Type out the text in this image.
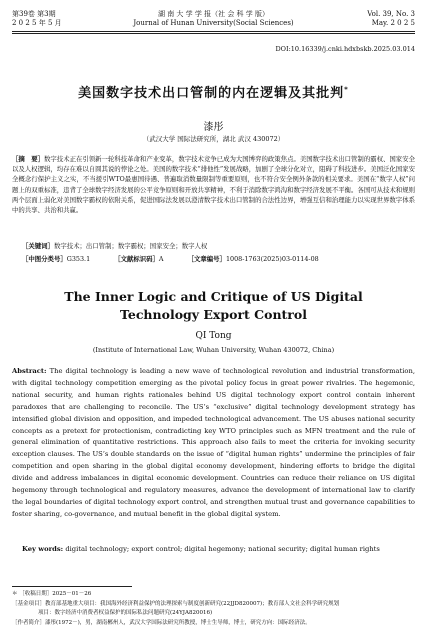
第39卷 第3期
2 0 2 5 年 5 月
湖 南 大 学 学 报（社 会 科 学 版）
Journal of Hunan University(Social Sciences)
Vol. 39, No. 3
May. 2 0 2 5
DOI:10.16339/j.cnki.hdxbskb.2025.03.014
美国数字技术出口管制的内在逻辑及其批判*
漆彤
（武汉大学 国际法研究所，湖北 武汉 430072）
［摘　要］数字技术正在引领新一轮科技革命和产业变革，数字技术竞争已成为大国博弈的政策焦点。美国数字技术出口管制的霸权、国家安全以及人权逻辑，均存在难以自圆其说的悖论之处。美国的数字技术“排他性”发展战略，加剧了全球分化对立，阻碍了科技进步。美国泛化国家安全概念行保护主义之实，不当援引WTO最惠国待遇、普遍取消数量限制等重要原则，也不符合安全例外条款的相关要求。美国在“数字人权”问题上的双重标准，违背了全球数字经济发展的公平竞争原则和开放共享精神，不利于消除数字鸿沟和数字经济发展不平衡。各国可从技术和规则两个层面上弱化对美国数字霸权的依附关系，促进国际法发展以澄清数字技术出口管制的合法性边界，增强互信和治理能力以实现世界数字体系中的共享、共治和共赢。
［关键词］数字技术；出口管制；数字霸权；国家安全；数字人权
［中图分类号］G353.1	［文献标识码］A	［文章编号］1008-1763(2025)03-0114-08
The Inner Logic and Critique of US Digital
Technology Export Control
QI Tong
(Institute of International Law, Wuhan University, Wuhan 430072, China)
Abstract: The digital technology is leading a new wave of technological revolution and industrial transformation, with digital technology competition emerging as the pivotal policy focus in great power rivalries. The hegemonic, national security, and human rights rationales behind US digital technology export control contain inherent paradoxes that are challenging to reconcile. The US’s “exclusive” digital technology development strategy has intensified global division and opposition, and impeded technological advancement. The US abuses national security concepts as a pretext for protectionism, contradicting key WTO principles such as MFN treatment and the rule of general elimination of quantitative restrictions. This approach also fails to meet the criteria for invoking security exception clauses. The US’s double standards on the issue of “digital human rights” undermine the principles of fair competition and open sharing in the global digital economy development, hindering efforts to bridge the digital divide and address imbalances in digital economic development. Countries can reduce their reliance on US digital hegemony through technological and regulatory measures, advance the development of international law to clarify the legal boundaries of digital technology export control, and strengthen mutual trust and governance capabilities to foster sharing, co-governance, and mutual benefit in the global digital system.
Key words: digital technology; export control; digital hegemony; national security; digital human rights
＊ ［收稿日期］2025－01－26
［基金项目］教育部基地重大项目：我国海外经济利益保护的法理探索与制度创新研究(22JJD820007)；教育部人文社会科学研究规划
项目：数字经济中消费者权益保护的国际私法问题研究(24YJA820016)
［作者简介］漆彤(1972－)，男，湖南郴州人，武汉大学国际法研究所教授，博士生导师，博士，研究方向：国际经济法。
